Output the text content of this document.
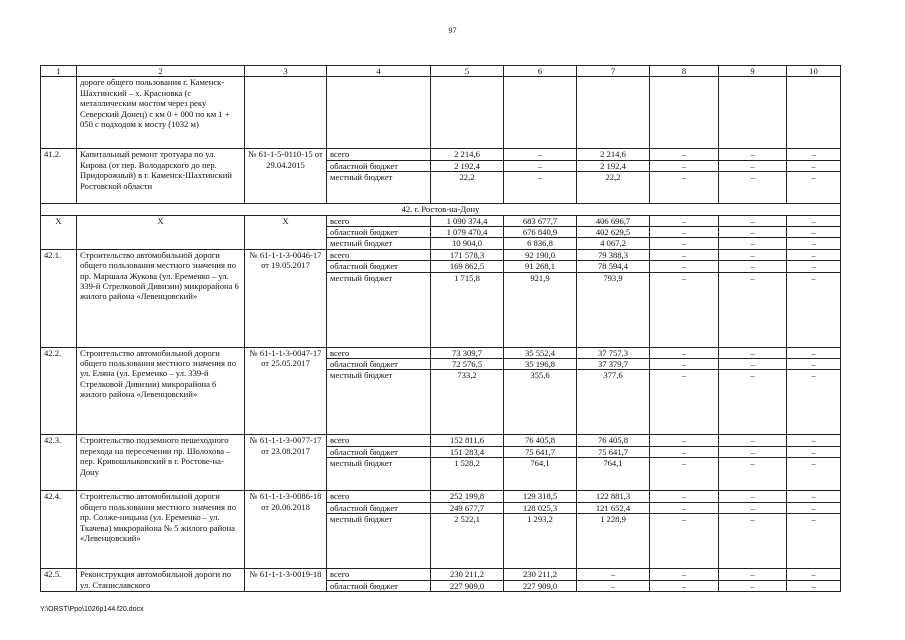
97
1	2	3	4	5	6	7	8	9	10
	дороге общего пользования г. Каменск-Шахтинский – х. Красновка (с металлическим мостом через реку Северский Донец) с км 0 + 000 по км 1 + 050 с подходом к мосту (1032 м)								
41.2.	Капитальный ремонт тротуара по ул. Кирова (от пер. Володарского до пер. Придорожный) в г. Каменск-Шахтинский Ростовской области	№ 61-1-5-0110-15 от 29.04.2015	всего	2 214,6	–	2 214,6	–	–	–
			областной бюджет	2 192,4	–	2 192,4	–	–	–
			местный бюджет	22,2	–	22,2	–	–	–
42. г. Ростов-на-Дону									
Х	Х	Х	всего	1 090 374,4	683 677,7	406 696,7	–	–	–
			областной бюджет	1 079 470,4	676 840,9	402 629,5	–	–	–
			местный бюджет	10 904,0	6 836,8	4 067,2	–	–	–
42.1.	Строительство автомобильной дороги общего пользования местного значения по пр. Маршала Жукова (ул. Еременко – ул. 339-й Стрелковой Дивизии) микрорайона 6 жилого района «Левенцовский»	№ 61-1-1-3-0046-17 от 19.05.2017	всего	171 578,3	92 190,0	79 388,3	–	–	–
			областной бюджет	169 862,5	91 268,1	78 594,4	–	–	–
			местный бюджет	1 715,8	921,9	793,9	–	–	–
42.2.	Строительство автомобильной дороги общего пользования местного значения по ул. Еляна (ул. Еременко – ул. 339-й Стрелковой Дивизии) микрорайона 6 жилого района «Левенцовский»	№ 61-1-1-3-0047-17 от 25.05.2017	всего	73 309,7	35 552,4	37 757,3	–	–	–
			областной бюджет	72 576,5	35 196,8	37 379,7	–	–	–
			местный бюджет	733,2	355,6	377,6	–	–	–
42.3.	Строительство подземного пешеходного перехода на пересечении пр. Шолохова – пер. Кривошлыковский в г. Ростове-на-Дону	№ 61-1-1-3-0077-17 от 23.08.2017	всего	152 811,6	76 405,8	76 405,8	–	–	–
			областной бюджет	151 283,4	75 641,7	75 641,7	–	–	–
			местный бюджет	1 528,2	764,1	764,1	–	–	–
42.4.	Строительство автомобильной дороги общего пользования местного значения по пр. Солже-ницына (ул. Еременко – ул. Ткачева) микрорайона № 5 жилого района «Левенцовский»	№ 61-1-1-3-0086-18 от 20.06.2018	всего	252 199,8	129 318,5	122 881,3	–	–	–
			областной бюджет	249 677,7	128 025,3	121 652,4	–	–	–
			местный бюджет	2 522,1	1 293,2	1 228,9	–	–	–
42.5.	Реконструкция автомобильной дороги по ул. Станиславского	№ 61-1-1-3-0019-18	всего	230 211,2	230 211,2	–	–	–	–
			областной бюджет	227 909,0	227 909,0	–	–	–	–
Y:\ORST\Ppo\1026p144.f20.docx
